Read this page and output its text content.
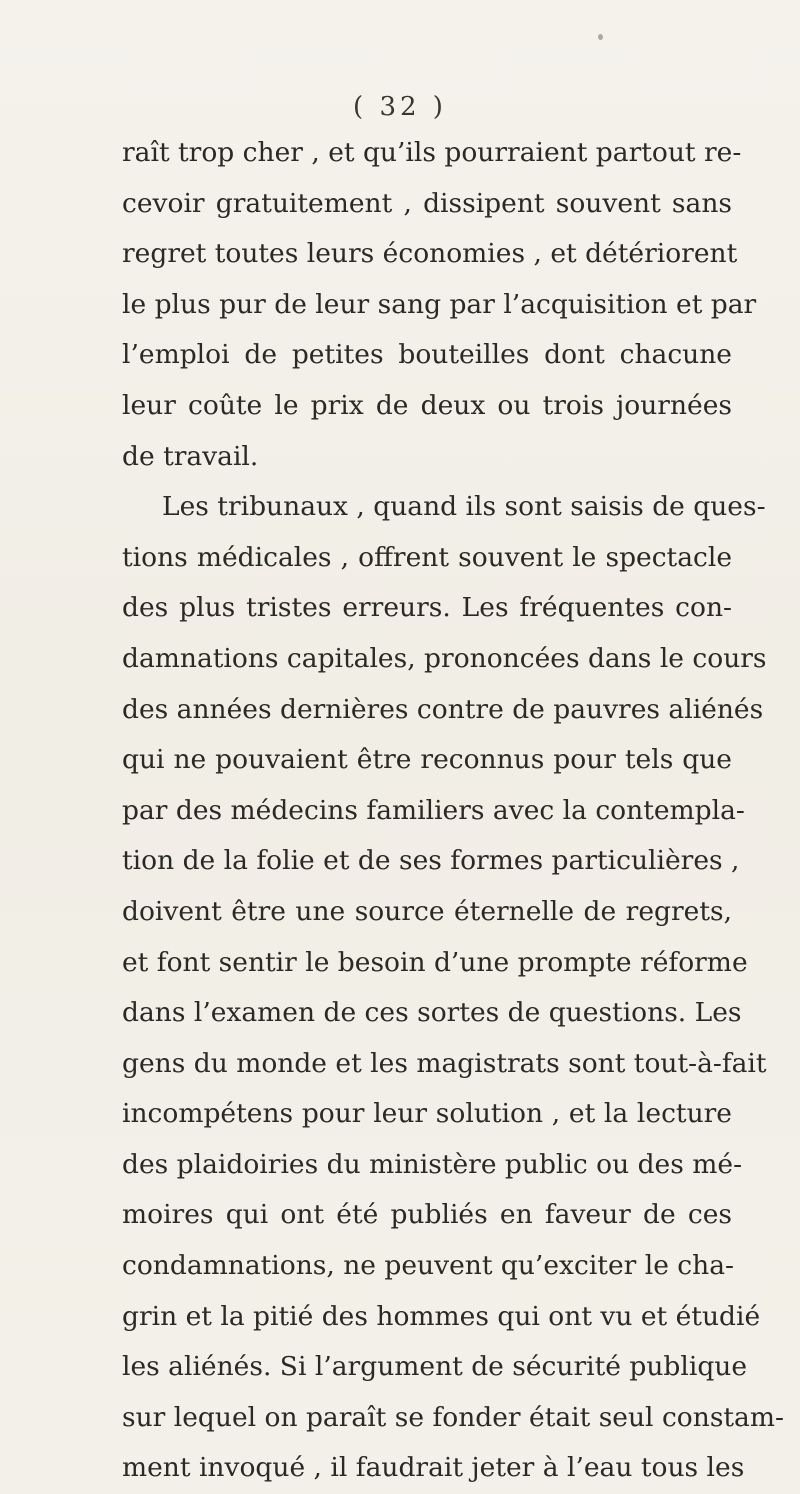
( 32 )
raît trop cher , et qu’ils pourraient partout re-
cevoir gratuitement , dissipent souvent sans
regret toutes leurs économies , et détériorent
le plus pur de leur sang par l’acquisition et par
l’emploi de petites bouteilles dont chacune
leur coûte le prix de deux ou trois journées
de travail.
Les tribunaux , quand ils sont saisis de ques-
tions médicales , offrent souvent le spectacle
des plus tristes erreurs. Les fréquentes con-
damnations capitales, prononcées dans le cours
des années dernières contre de pauvres aliénés
qui ne pouvaient être reconnus pour tels que
par des médecins familiers avec la contempla-
tion de la folie et de ses formes particulières ,
doivent être une source éternelle de regrets,
et font sentir le besoin d’une prompte réforme
dans l’examen de ces sortes de questions. Les
gens du monde et les magistrats sont tout-à-fait
incompétens pour leur solution , et la lecture
des plaidoiries du ministère public ou des mé-
moires qui ont été publiés en faveur de ces
condamnations, ne peuvent qu’exciter le cha-
grin et la pitié des hommes qui ont vu et étudié
les aliénés. Si l’argument de sécurité publique
sur lequel on paraît se fonder était seul constam-
ment invoqué , il faudrait jeter à l’eau tous les
